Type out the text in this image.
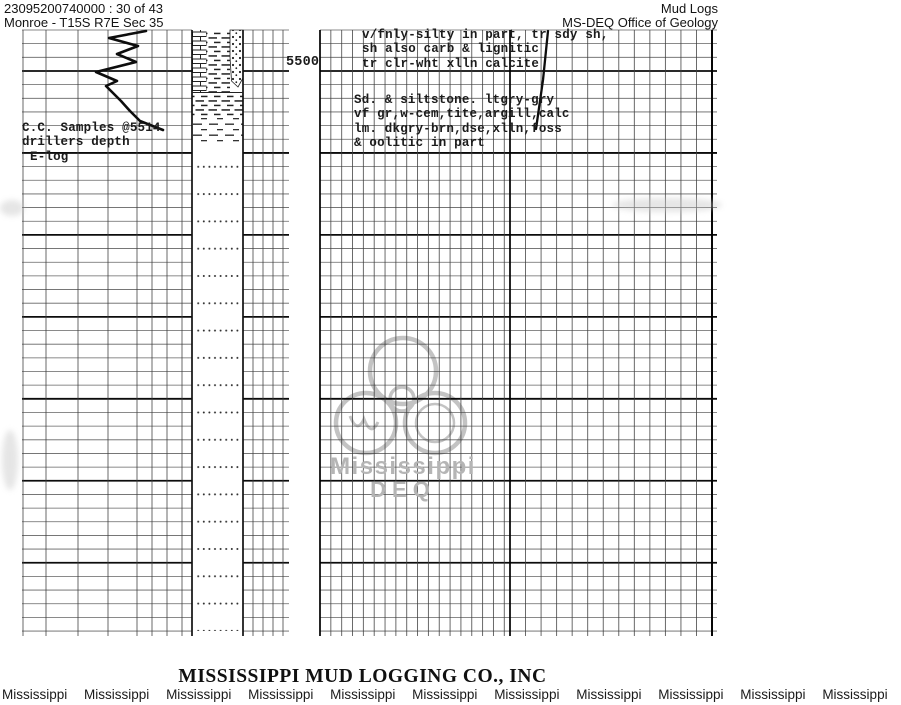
23095200740000 : 30 of 43
Monroe - T15S R7E Sec 35
Mud Logs
MS-DEQ Office of Geology
5500
v/fnly-silty in part, tr sdy sh,
sh also carb & lignitic
tr clr-wht xlln calcite
Sd. & siltstone. ltgry-gry
vf gr,w-cem,tite,argill,calc
lm. dkgry-brn,dse,xlln,foss
& oolitic in part
C.C. Samples @5514
drillers depth
E-log
Mississippi
DEQ
MISSISSIPPI MUD LOGGING CO., INC
Mississippi Mississippi Mississippi Mississippi Mississippi Mississippi Mississippi Mississippi Mississippi Mississippi Mississippi
